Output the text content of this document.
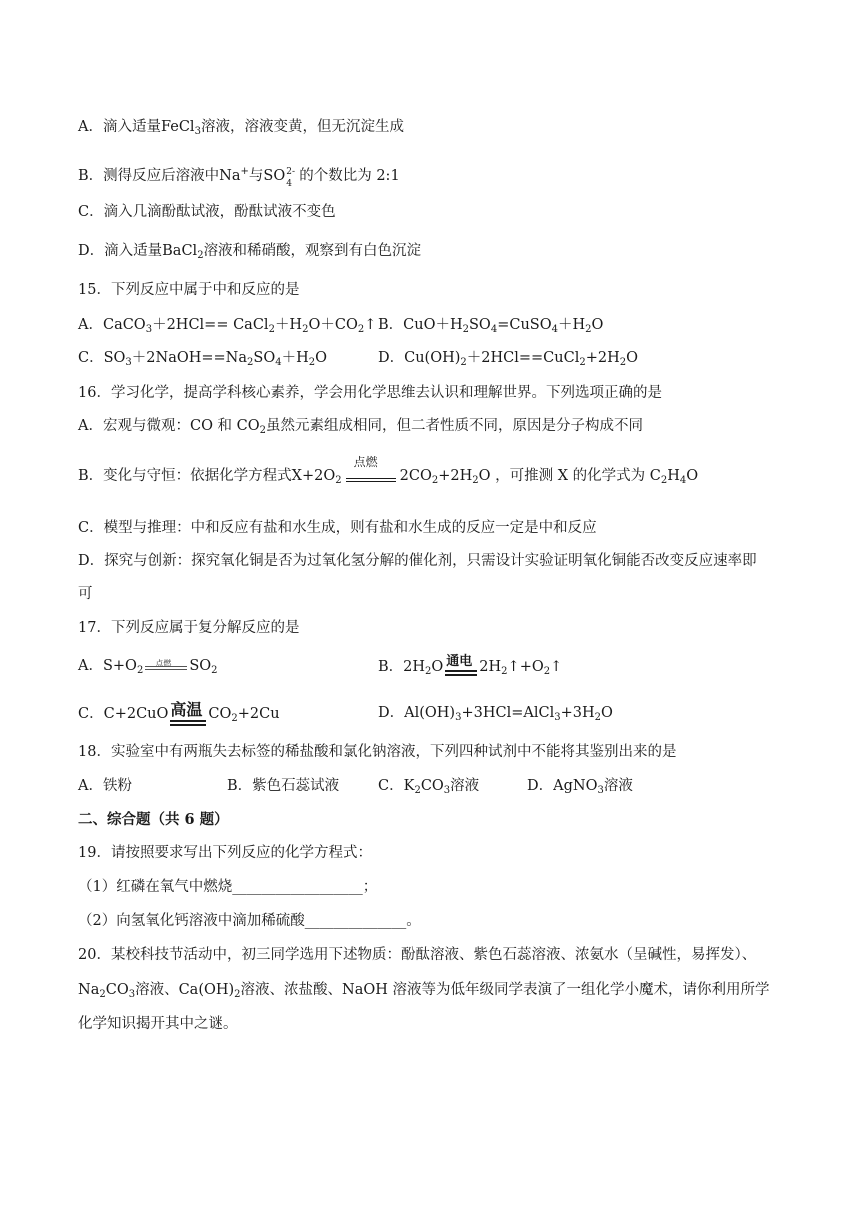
A．滴入适量FeCl$_3$溶液，溶液变黄，但无沉淀生成
B．测得反应后溶液中Na+与SO 2-
4 的个数比为 2:1
C．滴入几滴酚酞试液，酚酞试液不变色
D．滴入适量BaCl$_2$溶液和稀硝酸，观察到有白色沉淀
15．下列反应中属于中和反应的是
A．CaCO$_3$＋2HCl== $CaCl_2+H_2O+CO_2↑$ B．$CuO+H_2SO_4=CuSO_4+H_2O$
C．$SO_3+2NaOH==Na_2SO_4+H_2O$	D．$Cu(OH)_2+2HCl==CuCl_2+2H_2O$
16．学习化学，提高学科核心素养，学会用化学思维去认识和理解世界。下列选项正确的是
A．宏观与微观：CO 和 $CO_2$虽然元素组成相同，但二者性质不同，原因是分子构成不同
B．变化与守恒：依据化学方程式$X+2O_2$
点燃
$2CO_2+2H_2O$ ，可推测 X 的化学式为 $C_2H_4O$
C．模型与推理：中和反应有盐和水生成，则有盐和水生成的反应一定是中和反应
D．探究与创新：探究氧化铜是否为过氧化氢分解的催化剂，只需设计实验证明氧化铜能否改变反应速率即
可
17．下列反应属于复分解反应的是
A．$S+O_2$
点燃 $SO_2$	B．$2H_2O$ 通电 $2H_2↑+O_2↑$
C．C+2CuO 高温 $CO_2+2Cu$	D．$Al(OH)_3+3HCl=AlCl_3+3H_2O$
18．实验室中有两瓶失去标签的稀盐酸和氯化钠溶液，下列四种试剂中不能将其鉴别出来的是
A．铁粉	B．紫色石蕊试液	C．$K_2CO_3$溶液	D．AgNO$_3$溶液
二、综合题（共 6 题）
19．请按照要求写出下列反应的化学方程式：
（1）红磷在氧气中燃烧__________________；
（2）向氢氧化钙溶液中滴加稀硫酸______________。
20．某校科技节活动中，初三同学选用下述物质：酚酞溶液、紫色石蕊溶液、浓氨水（呈碱性，易挥发）、
$Na_2CO_3$溶液、$Ca(OH)_2$溶液、浓盐酸、NaOH 溶液等为低年级同学表演了一组化学小魔术，请你利用所学
化学知识揭开其中之谜。
